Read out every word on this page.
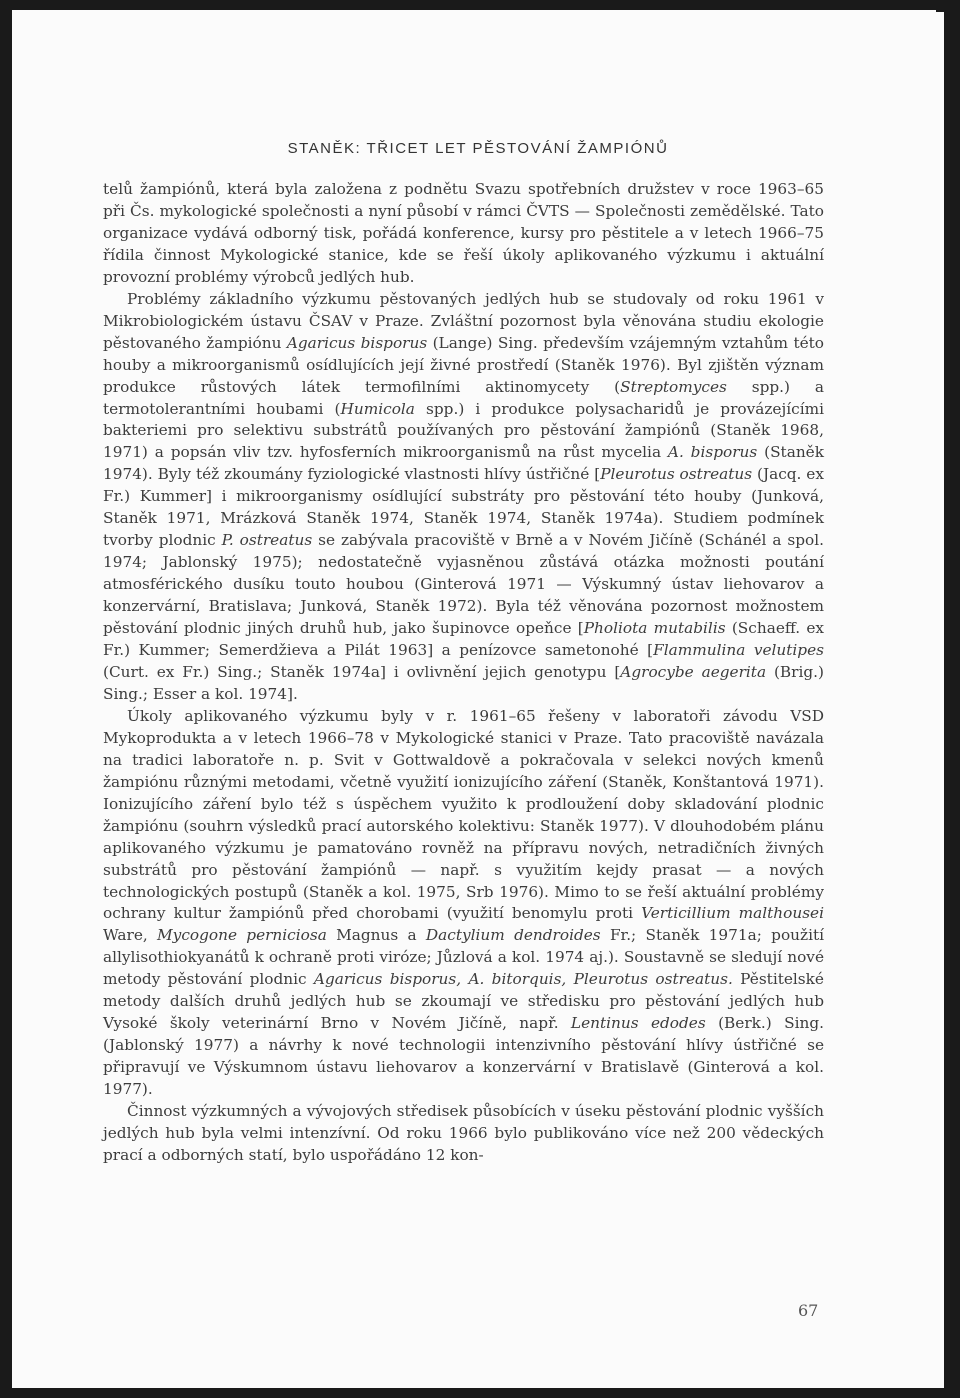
STANĚK: TŘICET LET PĚSTOVÁNÍ ŽAMPIÓNŮ

telů žampiónů, která byla založena z podnětu Svazu spotřebních družstev v roce 1963–65 při Čs. mykologické společnosti a nyní působí v rámci ČVTS — Společnosti zemědělské. Tato organizace vydává odborný tisk, pořádá konference, kursy pro pěstitele a v letech 1966–75 řídila činnost Mykologické stanice, kde se řeší úkoly aplikovaného výzkumu i aktuální provozní problémy výrobců jedlých hub.

Problémy základního výzkumu pěstovaných jedlých hub se studovaly od roku 1961 v Mikrobiologickém ústavu ČSAV v Praze. Zvláštní pozornost byla věnována studiu ekologie pěstovaného žampiónu Agaricus bisporus (Lange) Sing. především vzájemným vztahům této houby a mikroorganismů osídlujících její živné prostředí (Staněk 1976). Byl zjištěn význam produkce růstových látek termofilními aktinomycety (Streptomyces spp.) a termotolerantními houbami (Humicola spp.) i produkce polysacharidů je provázejícími bakteriemi pro selektivu substrátů používaných pro pěstování žampiónů (Staněk 1968, 1971) a popsán vliv tzv. hyfosferních mikroorganismů na růst mycelia A. bisporus (Staněk 1974). Byly též zkoumány fyziologické vlastnosti hlívy ústřičné [Pleurotus ostreatus (Jacq. ex Fr.) Kummer] i mikroorganismy osídlující substráty pro pěstování této houby (Junková, Staněk 1971, Mrázková Staněk 1974, Staněk 1974, Staněk 1974a). Studiem podmínek tvorby plodnic P. ostreatus se zabývala pracoviště v Brně a v Novém Jičíně (Schánél a spol. 1974; Jablonský 1975); nedostatečně vyjasněnou zůstává otázka možnosti poutání atmosférického dusíku touto houbou (Ginterová 1971 — Výskumný ústav liehovarov a konzervární, Bratislava; Junková, Staněk 1972). Byla též věnována pozornost možnostem pěstování plodnic jiných druhů hub, jako šupinovce opeňce [Pholiota mutabilis (Schaeff. ex Fr.) Kummer; Semerdžieva a Pilát 1963] a penízovce sametonohé [Flammulina velutipes (Curt. ex Fr.) Sing.; Staněk 1974a] i ovlivnění jejich genotypu [Agrocybe aegerita (Brig.) Sing.; Esser a kol. 1974].

Úkoly aplikovaného výzkumu byly v r. 1961–65 řešeny v laboratoři závodu VSD Mykoprodukta a v letech 1966–78 v Mykologické stanici v Praze. Tato pracoviště navázala na tradici laboratoře n. p. Svit v Gottwaldově a pokračovala v selekci nových kmenů žampiónu různými metodami, včetně využití ionizujícího záření (Staněk, Konštantová 1971). Ionizujícího záření bylo též s úspěchem využito k prodloužení doby skladování plodnic žampiónu (souhrn výsledků prací autorského kolektivu: Staněk 1977). V dlouhodobém plánu aplikovaného výzkumu je pamatováno rovněž na přípravu nových, netradičních živných substrátů pro pěstování žampiónů — např. s využitím kejdy prasat — a nových technologických postupů (Staněk a kol. 1975, Srb 1976). Mimo to se řeší aktuální problémy ochrany kultur žampiónů před chorobami (využití benomylu proti Verticillium malthousei Ware, Mycogone perniciosa Magnus a Dactylium dendroides Fr.; Staněk 1971a; použití allylisothiokyanátů k ochraně proti viróze; Jůzlová a kol. 1974 aj.). Soustavně se sledují nové metody pěstování plodnic Agaricus bisporus, A. bitorquis, Pleurotus ostreatus. Pěstitelské metody dalších druhů jedlých hub se zkoumají ve středisku pro pěstování jedlých hub Vysoké školy veterinární Brno v Novém Jičíně, např. Lentinus edodes (Berk.) Sing. (Jablonský 1977) a návrhy k nové technologii intenzivního pěstování hlívy ústřičné se připravují ve Výskumnom ústavu liehovarov a konzervární v Bratislavě (Ginterová a kol. 1977).

Činnost výzkumných a vývojových středisek působících v úseku pěstování plodnic vyšších jedlých hub byla velmi intenzívní. Od roku 1966 bylo publikováno více než 200 vědeckých prací a odborných statí, bylo uspořádáno 12 kon-

67
